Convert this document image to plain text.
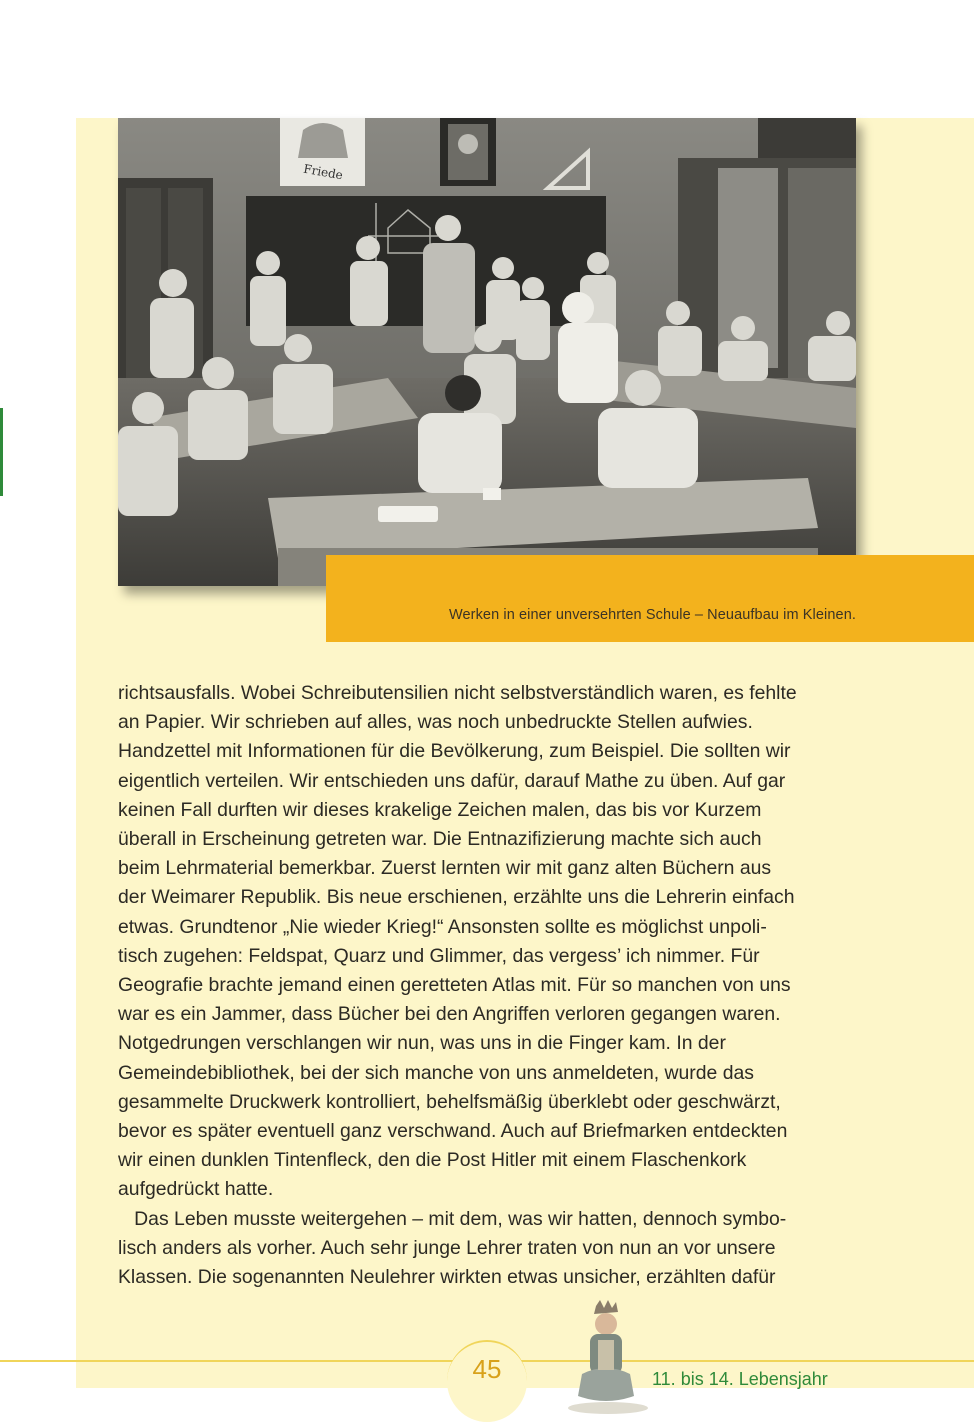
Friede
Werken in einer unversehrten Schule – Neuaufbau im Kleinen.
richtsausfalls. Wobei Schreibutensilien nicht selbstverständlich waren, es fehlte
an Papier. Wir schrieben auf alles, was noch unbedruckte Stellen aufwies.
Handzettel mit Informationen für die Bevölkerung, zum Beispiel. Die sollten wir
eigentlich verteilen. Wir entschieden uns dafür, darauf Mathe zu üben. Auf gar
keinen Fall durften wir dieses krakelige Zeichen malen, das bis vor Kurzem
überall in Erscheinung getreten war. Die Entnazifizierung machte sich auch
beim Lehrmaterial bemerkbar. Zuerst lernten wir mit ganz alten Büchern aus
der Weimarer Republik. Bis neue erschienen, erzählte uns die Lehrerin einfach
etwas. Grundtenor „Nie wieder Krieg!“ Ansonsten sollte es möglichst unpoli-
tisch zugehen: Feldspat, Quarz und Glimmer, das vergess’ ich nimmer. Für
Geografie brachte jemand einen geretteten Atlas mit. Für so manchen von uns
war es ein Jammer, dass Bücher bei den Angriffen verloren gegangen waren.
Notgedrungen verschlangen wir nun, was uns in die Finger kam. In der
Gemeindebibliothek, bei der sich manche von uns anmeldeten, wurde das
gesammelte Druckwerk kontrolliert, behelfsmäßig überklebt oder geschwärzt,
bevor es später eventuell ganz verschwand. Auch auf Briefmarken entdeckten
wir einen dunklen Tintenfleck, den die Post Hitler mit einem Flaschenkork
aufgedrückt hatte.
Das Leben musste weitergehen – mit dem, was wir hatten, dennoch symbo-
lisch anders als vorher. Auch sehr junge Lehrer traten von nun an vor unsere
Klassen. Die sogenannten Neulehrer wirkten etwas unsicher, erzählten dafür
45	11. bis 14. Lebensjahr
